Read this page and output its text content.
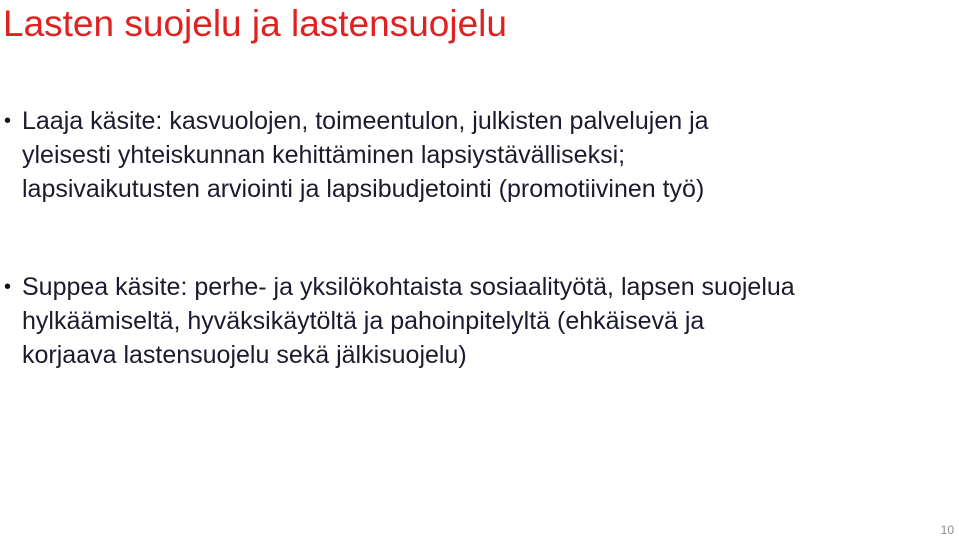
Lasten suojelu ja lastensuojelu
• Laaja käsite: kasvuolojen, toimeentulon, julkisten palvelujen ja
yleisesti yhteiskunnan kehittäminen lapsiystävälliseksi;
lapsivaikutusten arviointi ja lapsibudjetointi (promotiivinen työ)

• Suppea käsite: perhe- ja yksilökohtaista sosiaalityötä, lapsen suojelua
hylkäämiseltä, hyväksikäytöltä ja pahoinpitelyltä (ehkäisevä ja
korjaava lastensuojelu sekä jälkisuojelu)

10
